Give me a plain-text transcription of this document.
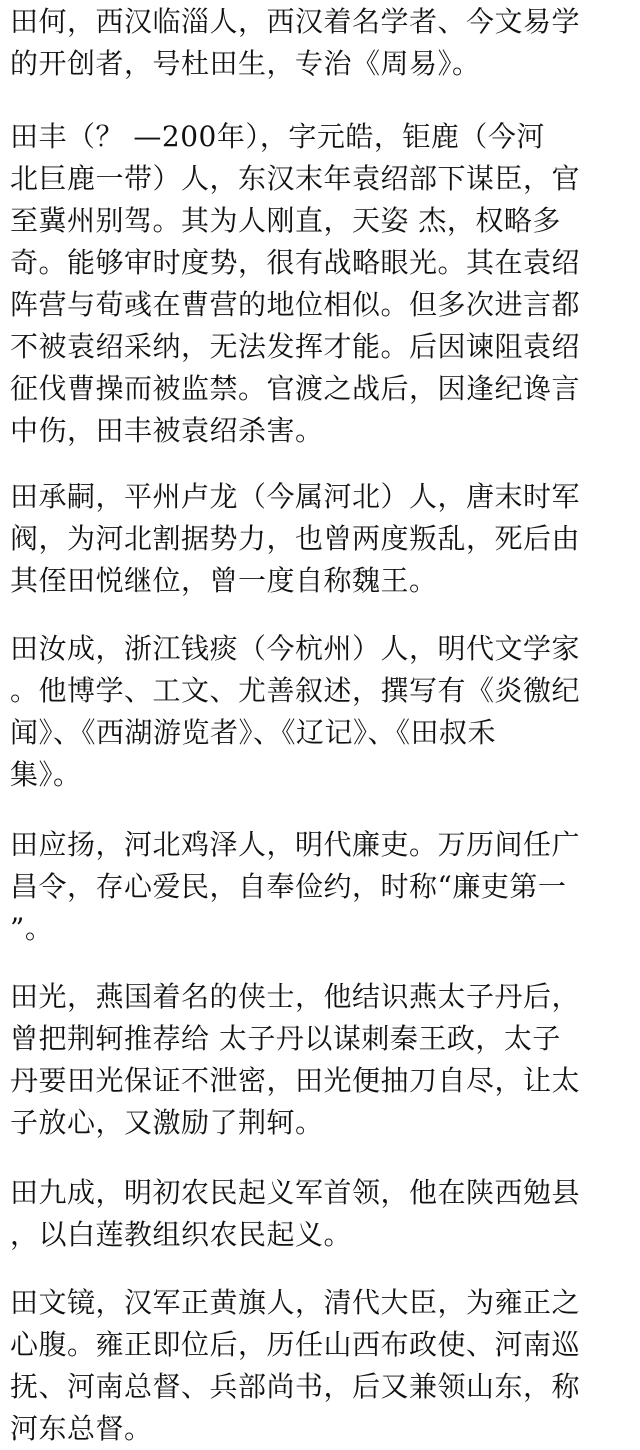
田何，西汉临淄人，西汉着名学者、今文易学
的开创者，号杜田生，专治《周易》。
田丰（？ —200年），字元皓，钜鹿（今河
北巨鹿一带）人，东汉末年袁绍部下谋臣，官
至冀州别驾。其为人刚直，天姿 杰，权略多
奇。能够审时度势，很有战略眼光。其在袁绍
阵营与荀彧在曹营的地位相似。但多次进言都
不被袁绍采纳，无法发挥才能。后因谏阻袁绍
征伐曹操而被监禁。官渡之战后，因逢纪谗言
中伤，田丰被袁绍杀害。
田承嗣，平州卢龙（今属河北）人，唐末时军
阀，为河北割据势力，也曾两度叛乱，死后由
其侄田悦继位，曾一度自称魏王。
田汝成，浙江钱痰（今杭州）人，明代文学家
。他博学、工文、尤善叙述，撰写有《炎徼纪
闻》、《西湖游览者》、《辽记》、《田叔禾
集》。
田应扬，河北鸡泽人，明代廉吏。万历间任广
昌令，存心爱民，自奉俭约，时称“廉吏第一
”。
田光，燕国着名的侠士，他结识燕太子丹后，
曾把荆轲推荐给 太子丹以谋刺秦王政，太子
丹要田光保证不泄密，田光便抽刀自尽，让太
子放心，又激励了荆轲。
田九成，明初农民起义军首领，他在陕西勉县
，以白莲教组织农民起义。
田文镜，汉军正黄旗人，清代大臣，为雍正之
心腹。雍正即位后，历任山西布政使、河南巡
抚、河南总督、兵部尚书，后又兼领山东，称
河东总督。
